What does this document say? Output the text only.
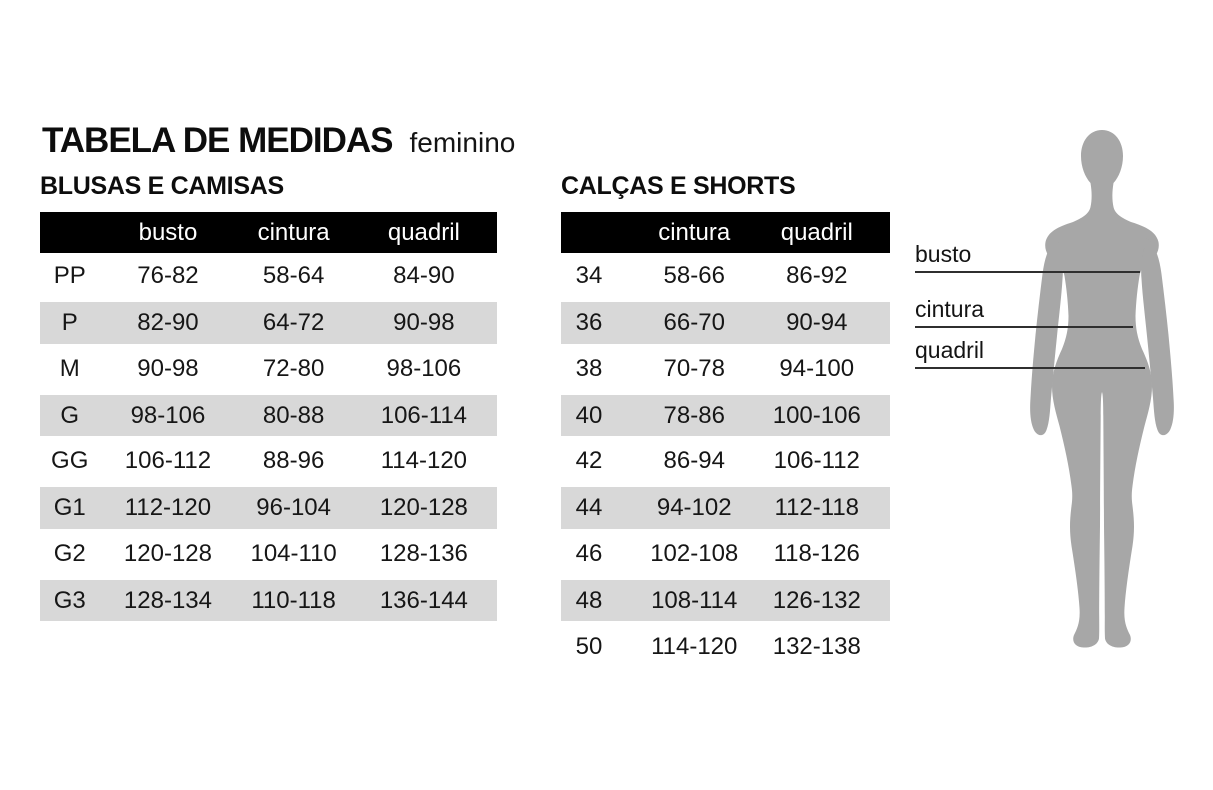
TABELA DE MEDIDAS feminino
BLUSAS E CAMISAS	CALÇAS E SHORTS
busto	cintura	quadril
PP	76-82	58-64	84-90
P	82-90	64-72	90-98
M	90-98	72-80	98-106
G	98-106	80-88	106-114
GG	106-112	88-96	114-120
G1	112-120	96-104	120-128
G2	120-128	104-110	128-136
G3	128-134	110-118	136-144
cintura	quadril
34	58-66	86-92
36	66-70	90-94
38	70-78	94-100
40	78-86	100-106
42	86-94	106-112
44	94-102	112-118
46	102-108	118-126
48	108-114	126-132
50	114-120	132-138
busto
cintura
quadril
